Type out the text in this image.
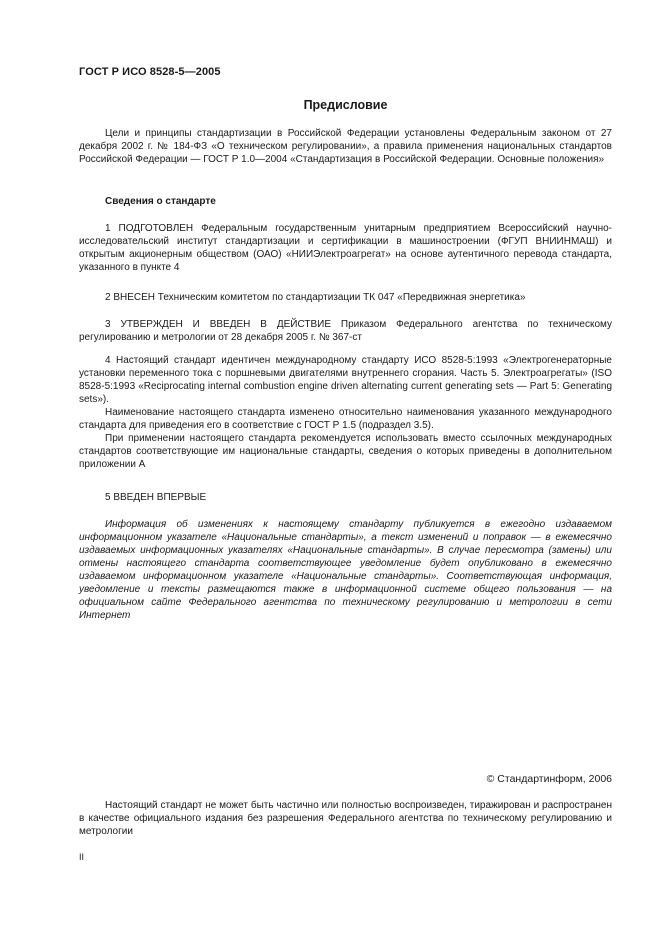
ГОСТ Р ИСО 8528-5—2005
Предисловие

Цели и принципы стандартизации в Российской Федерации установлены Федеральным законом от 27 декабря 2002 г. № 184-ФЗ «О техническом регулировании», а правила применения национальных стандартов Российской Федерации — ГОСТ Р 1.0—2004 «Стандартизация в Российской Федерации. Основные положения»

Сведения о стандарте

1 ПОДГОТОВЛЕН Федеральным государственным унитарным предприятием Всероссийский научно-исследовательский институт стандартизации и сертификации в машиностроении (ФГУП ВНИИНМАШ) и открытым акционерным обществом (ОАО) «НИИЭлектроагрегат» на основе аутентичного перевода стандарта, указанного в пункте 4

2 ВНЕСЕН Техническим комитетом по стандартизации ТК 047 «Передвижная энергетика»

3 УТВЕРЖДЕН И ВВЕДЕН В ДЕЙСТВИЕ Приказом Федерального агентства по техническому регулированию и метрологии от 28 декабря 2005 г. № 367-ст

4 Настоящий стандарт идентичен международному стандарту ИСО 8528-5:1993 «Электрогенераторные установки переменного тока с поршневыми двигателями внутреннего сгорания. Часть 5. Электроагрегаты» (ISO 8528-5:1993 «Reciprocating internal combustion engine driven alternating current generating sets — Part 5: Generating sets»).

Наименование настоящего стандарта изменено относительно наименования указанного международного стандарта для приведения его в соответствие с ГОСТ Р 1.5 (подраздел 3.5).

При применении настоящего стандарта рекомендуется использовать вместо ссылочных международных стандартов соответствующие им национальные стандарты, сведения о которых приведены в дополнительном приложении А

5 ВВЕДЕН ВПЕРВЫЕ

Информация об изменениях к настоящему стандарту публикуется в ежегодно издаваемом информационном указателе «Национальные стандарты», а текст изменений и поправок — в ежемесячно издаваемых информационных указателях «Национальные стандарты». В случае пересмотра (замены) или отмены настоящего стандарта соответствующее уведомление будет опубликовано в ежемесячно издаваемом информационном указателе «Национальные стандарты». Соответствующая информация, уведомление и тексты размещаются также в информационной системе общего пользования — на официальном сайте Федерального агентства по техническому регулированию и метрологии в сети Интернет

© Стандартинформ, 2006

Настоящий стандарт не может быть частично или полностью воспроизведен, тиражирован и распространен в качестве официального издания без разрешения Федерального агентства по техническому регулированию и метрологии

II
